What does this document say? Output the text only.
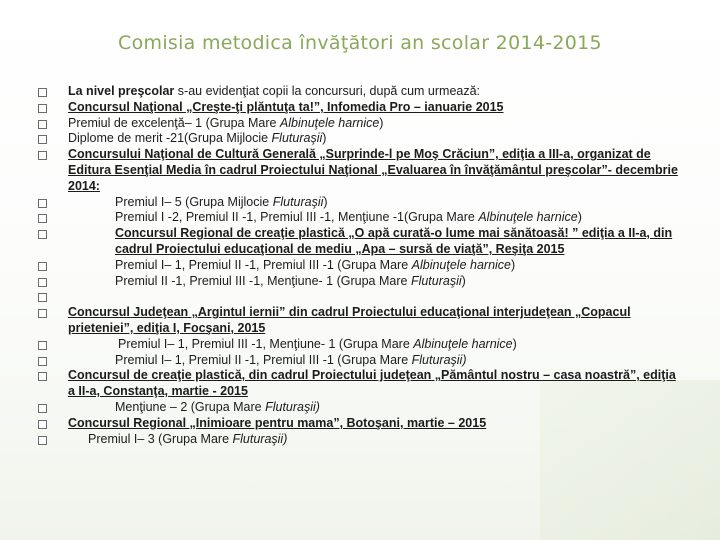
Comisia metodica învăţători an scolar 2014-2015
La nivel preşcolar s-au evidenţiat copii la concursuri, după cum urmează:
Concursul Naţional „Creşte-ţi plăntuţa ta!”, Infomedia Pro – ianuarie 2015
Premiul de excelenţă– 1 (Grupa Mare Albinuţele harnice)
Diplome de merit -21(Grupa Mijlocie Fluturaşii)
Concursului Naţional de Cultură Generală „Surprinde-l pe Moş Crăciun”, ediţia a III-a, organizat de Editura Esenţial Media în cadrul Proiectului Naţional „Evaluarea în învăţământul preşcolar”- decembrie 2014:
Premiul I– 5 (Grupa Mijlocie Fluturaşii)
Premiul I -2, Premiul II -1, Premiul III -1, Menţiune -1(Grupa Mare Albinuţele harnice)
Concursul Regional de creaţie plastică „O apă curată-o lume mai sănătoasă! ” ediţia a II-a, din cadrul Proiectului educaţional de mediu „Apa – sursă de viaţă”, Reşiţa 2015
Premiul I– 1, Premiul II -1, Premiul III -1 (Grupa Mare Albinuţele harnice)
Premiul II -1, Premiul III -1, Menţiune- 1 (Grupa Mare Fluturaşii)
Concursul Judeţean „Argintul iernii” din cadrul Proiectului educaţional interjudeţean „Copacul prieteniei”, ediţia I, Focşani, 2015
Premiul I– 1, Premiul III -1, Menţiune- 1 (Grupa Mare Albinuţele harnice)
Premiul I– 1, Premiul II -1, Premiul III -1 (Grupa Mare Fluturaşii)
Concursul de creaţie plastică, din cadrul Proiectului judeţean „Pământul nostru – casa noastră”, ediţia a II-a, Constanţa, martie - 2015
Menţiune – 2 (Grupa Mare Fluturaşii)
Concursul Regional „Inimioare pentru mama”, Botoşani, martie – 2015
Premiul I– 3 (Grupa Mare Fluturaşii)
